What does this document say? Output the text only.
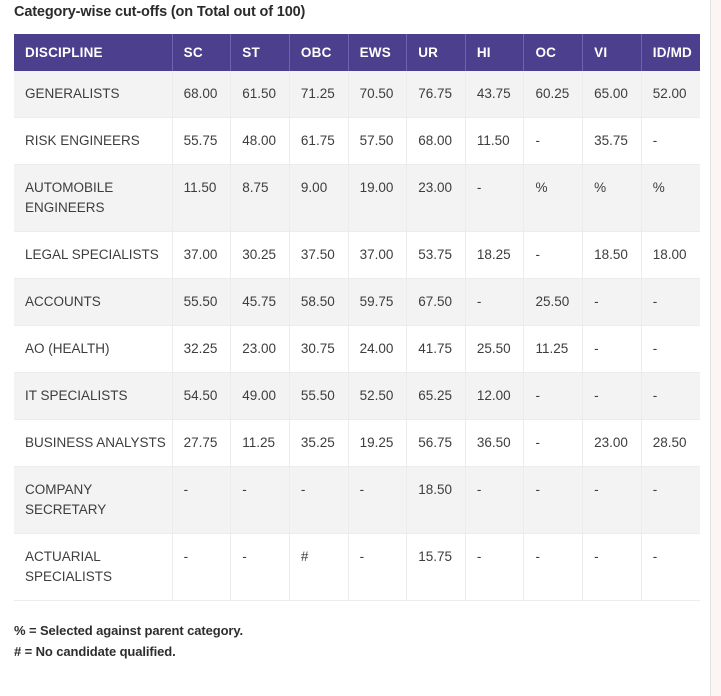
Category-wise cut-offs (on Total out of 100)
DISCIPLINE	SC	ST	OBC	EWS	UR	HI	OC	VI	ID/MD
GENERALISTS	68.00	61.50	71.25	70.50	76.75	43.75	60.25	65.00	52.00
RISK ENGINEERS	55.75	48.00	61.75	57.50	68.00	11.50	-	35.75	-
AUTOMOBILE ENGINEERS	11.50	8.75	9.00	19.00	23.00	-	%	%	%
LEGAL SPECIALISTS	37.00	30.25	37.50	37.00	53.75	18.25	-	18.50	18.00
ACCOUNTS	55.50	45.75	58.50	59.75	67.50	-	25.50	-	-
AO (HEALTH)	32.25	23.00	30.75	24.00	41.75	25.50	11.25	-	-
IT SPECIALISTS	54.50	49.00	55.50	52.50	65.25	12.00	-	-	-
BUSINESS ANALYSTS	27.75	11.25	35.25	19.25	56.75	36.50	-	23.00	28.50
COMPANY SECRETARY	-	-	-	-	18.50	-	-	-	-
ACTUARIAL SPECIALISTS	-	-	#	-	15.75	-	-	-	-
% = Selected against parent category.
# = No candidate qualified.
